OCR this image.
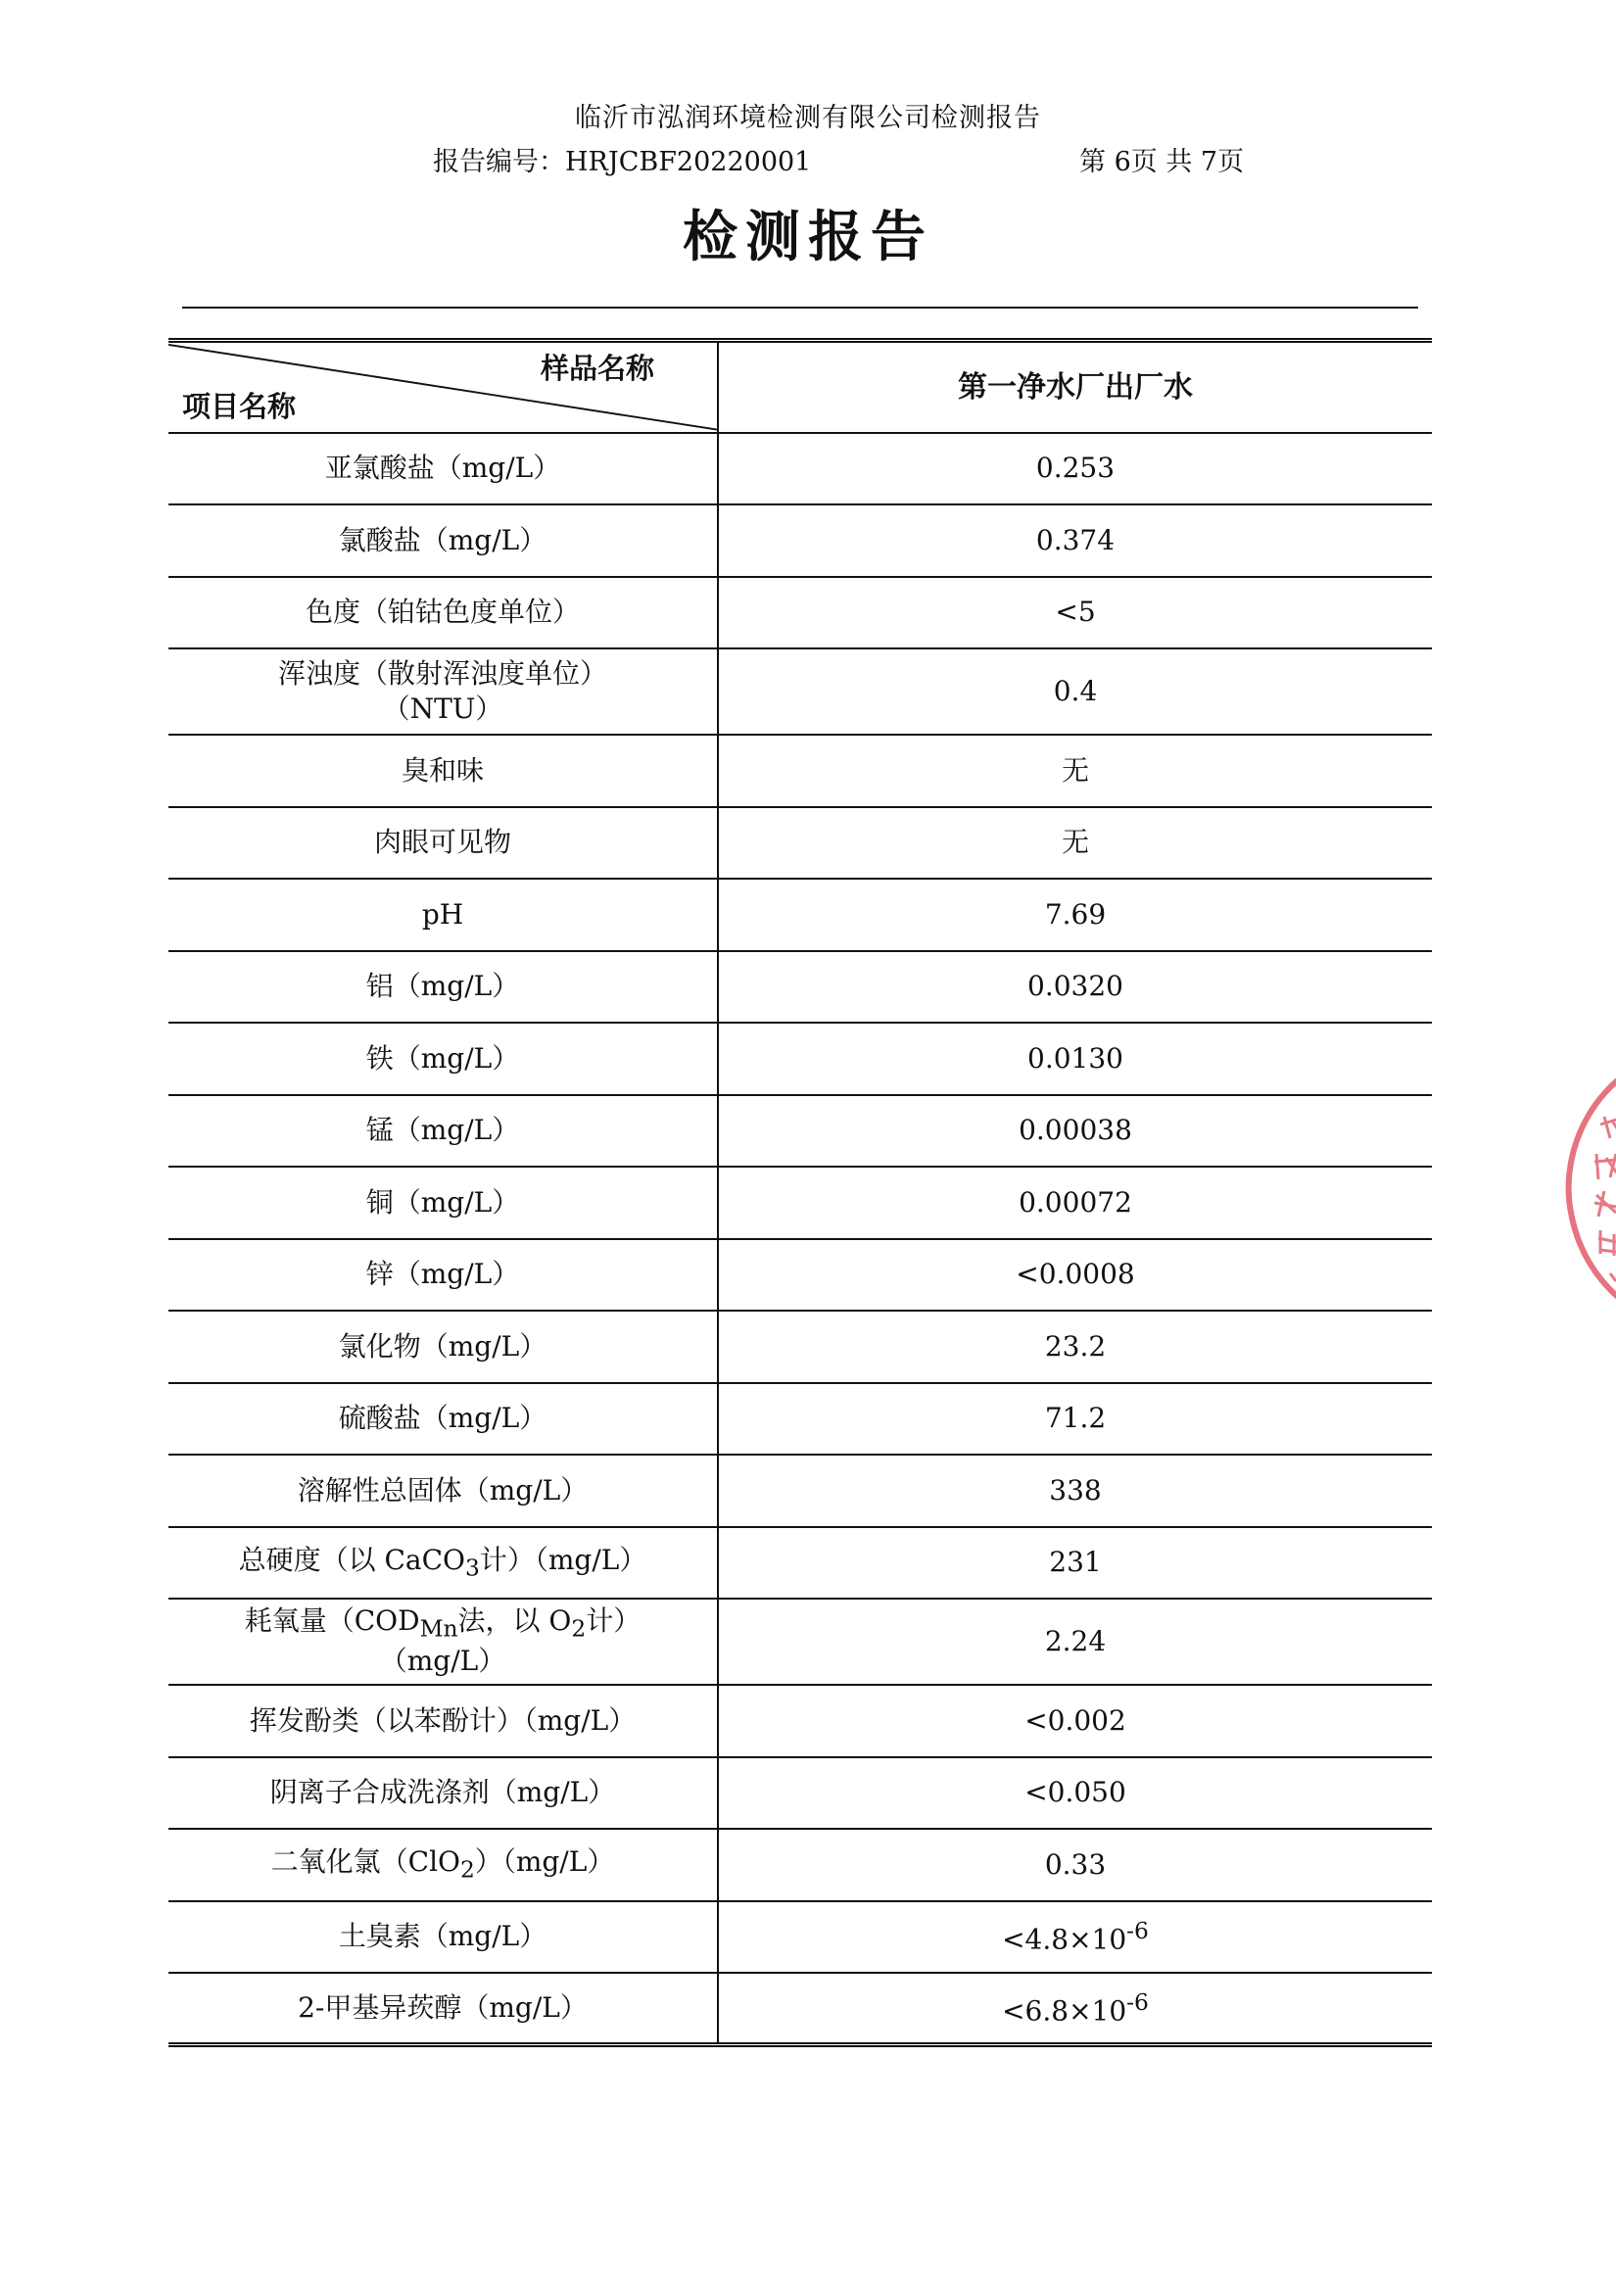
临沂市泓润环境检测有限公司检测报告
报告编号：HRJCBF20220001	第 6页 共 7页
检测报告
样品名称
项目名称	第一净水厂出厂水
亚氯酸盐（mg/L）	0.253
氯酸盐（mg/L）	0.374
色度（铂钴色度单位）	<5

浑浊度（散射浑浊度单位）
（NTU）	0.4
臭和味	无
肉眼可见物	无
pH	7.69
铝（mg/L）	0.0320
铁（mg/L）	0.0130
锰（mg/L）	0.00038
铜（mg/L）	0.00072
锌（mg/L）	<0.0008
氯化物（mg/L）	23.2
硫酸盐（mg/L）	71.2
溶解性总固体（mg/L）	338
总硬度（以 CaCO$_3$计）（mg/L）	231

耗氧量（$COD_{Mn}$法，以 $O_2$计）
（mg/L）	2.24
挥发酚类（以苯酚计）（mg/L）	<0.002
阴离子合成洗涤剂（mg/L）	<0.050
二氧化氯（ClO$_2$）（mg/L）	0.33
土臭素（mg/L）	$<4.8\times 10^{-6}$
2-甲基异莰醇（mg/L）	$<6.8\times 10^{-6}$
